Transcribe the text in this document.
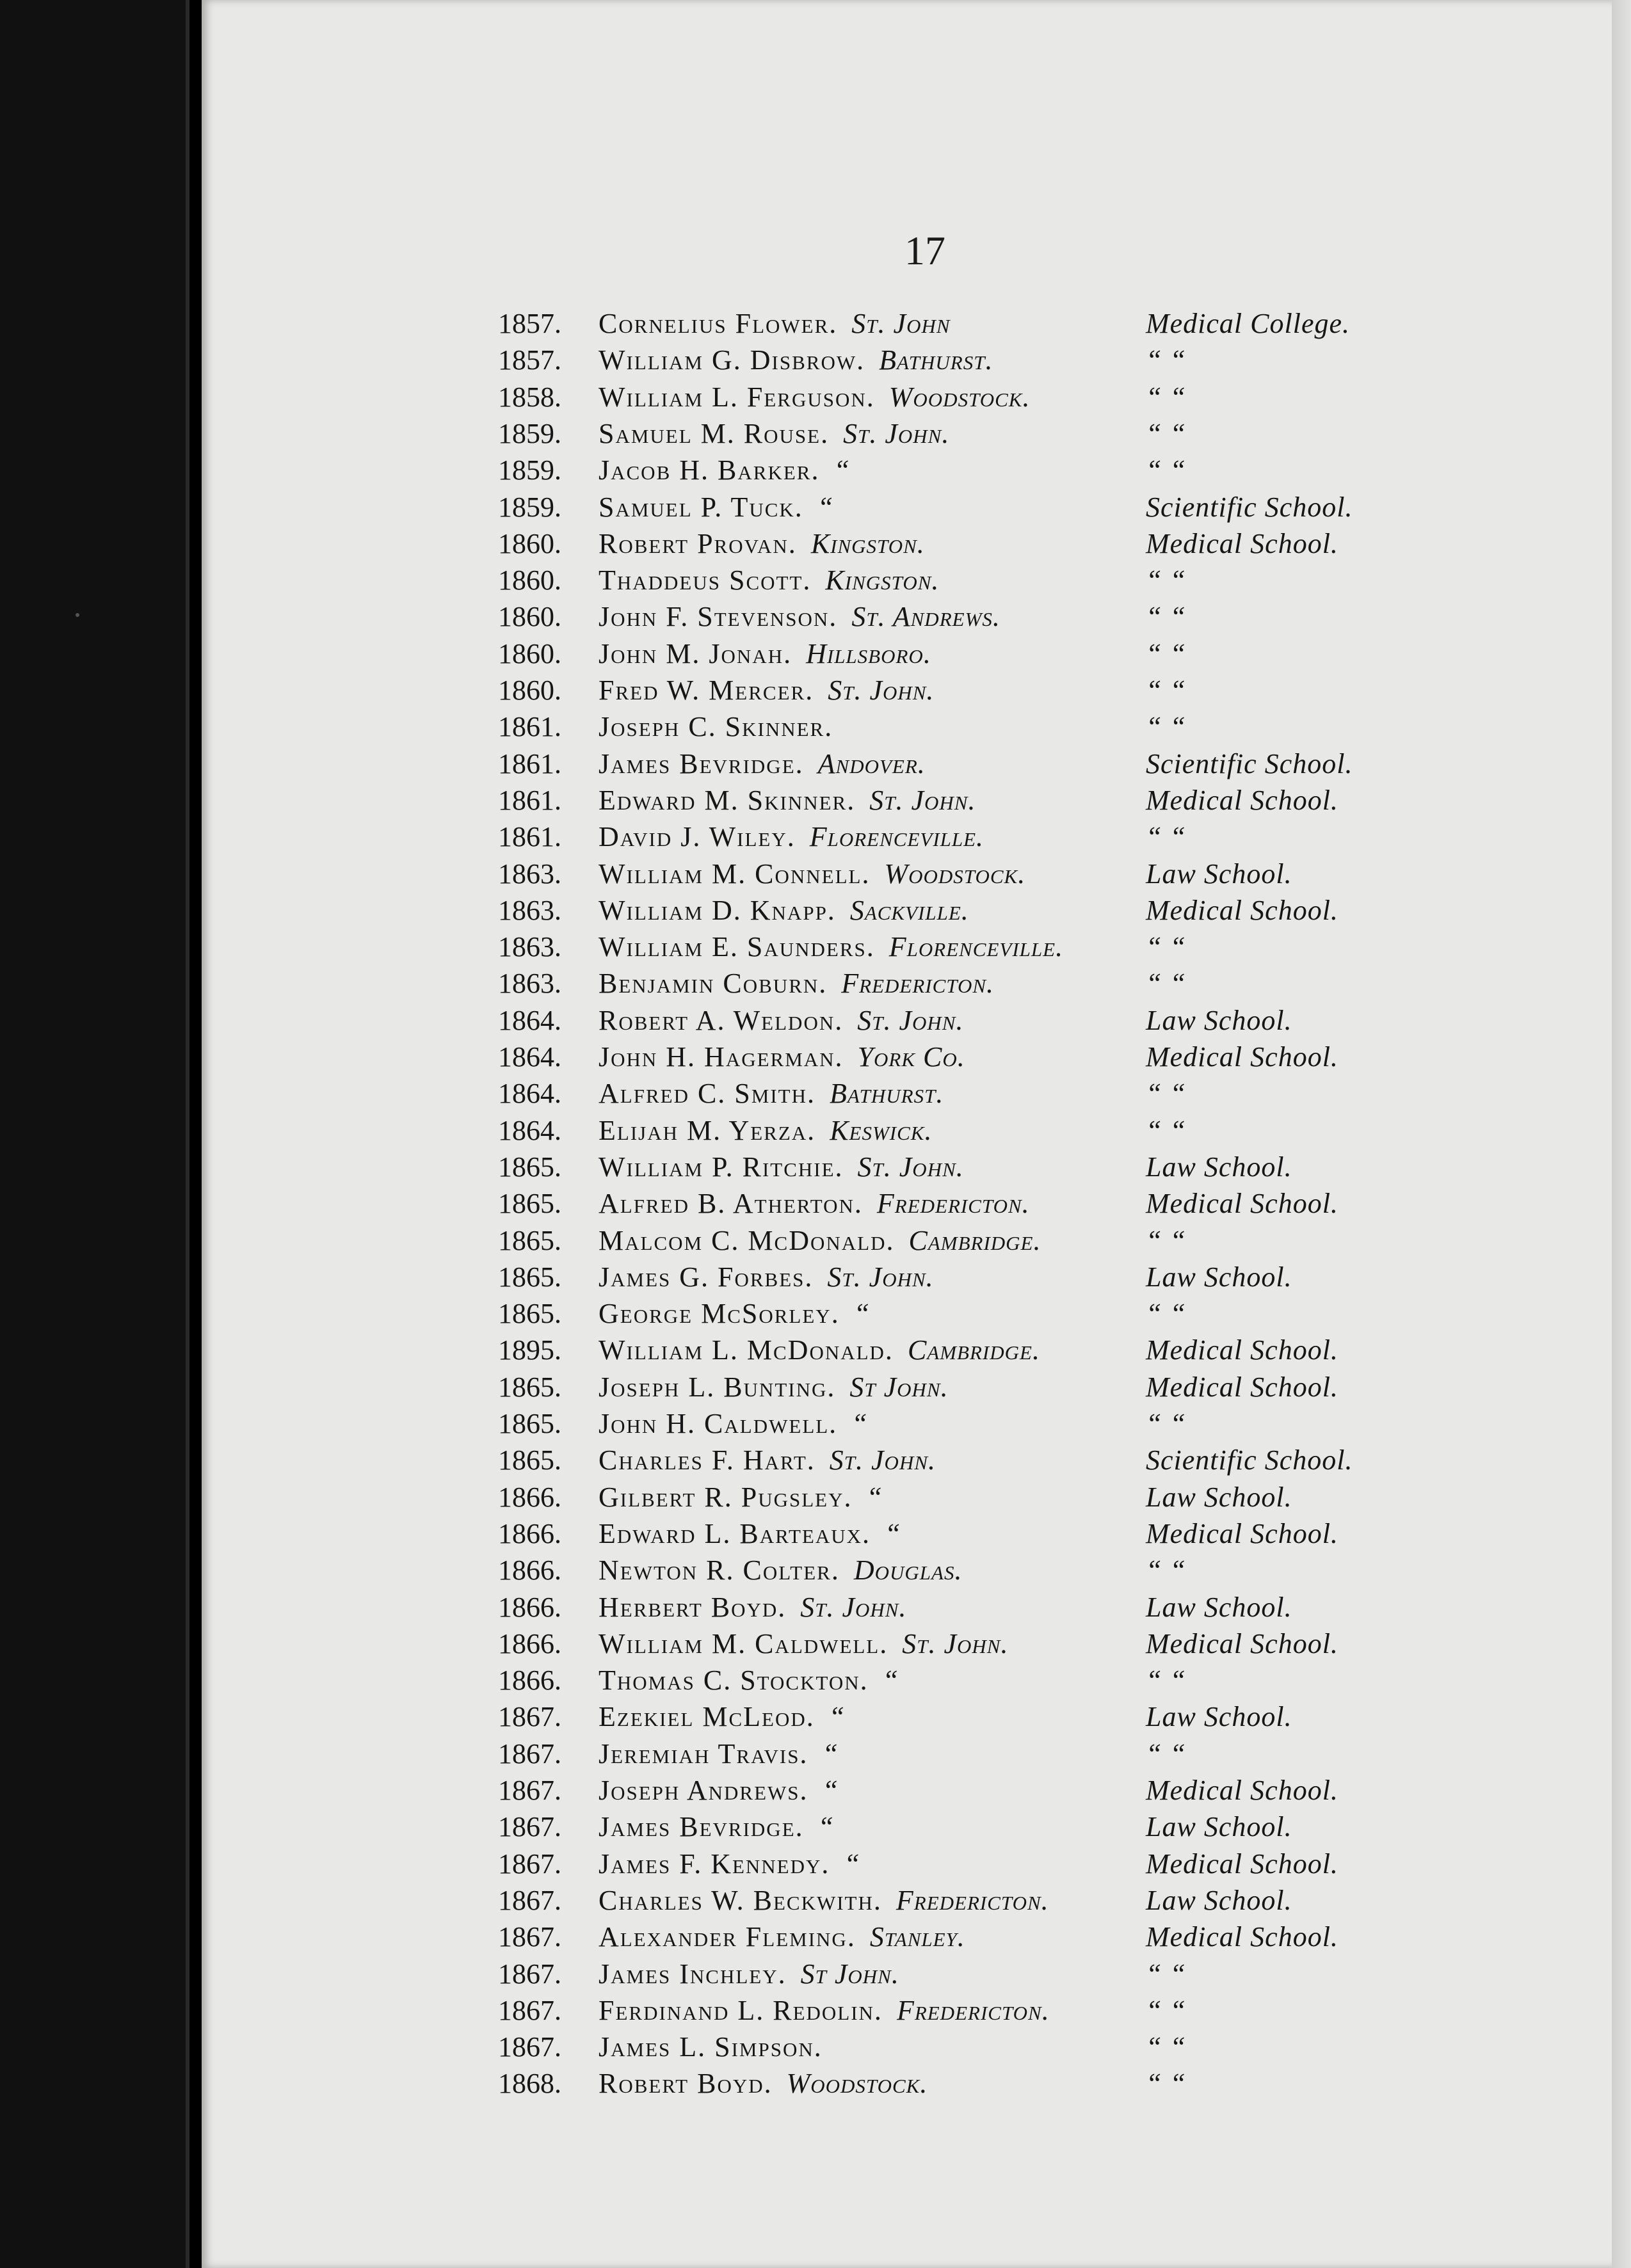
17
1857. Cornelius Flower. St. John	Medical College.
1857. William G. Disbrow. Bathurst.	“ “
1858. William L. Ferguson. Woodstock.	“ “
1859. Samuel M. Rouse. St. John.	“ “
1859. Jacob H. Barker. “	“ “
1859. Samuel P. Tuck. “	Scientific School.
1860. Robert Provan. Kingston.	Medical School.
1860. Thaddeus Scott. Kingston.	“ “
1860. John F. Stevenson. St. Andrews.	“ “
1860. John M. Jonah. Hillsboro.	“ “
1860. Fred W. Mercer. St. John.	“ “
1861. Joseph C. Skinner.	“ “
1861. James Bevridge. Andover.	Scientific School.
1861. Edward M. Skinner. St. John.	Medical School.
1861. David J. Wiley. Florenceville.	“ “
1863. William M. Connell. Woodstock.	Law School.
1863. William D. Knapp. Sackville.	Medical School.
1863. William E. Saunders. Florenceville.	“ “
1863. Benjamin Coburn. Fredericton.	“ “
1864. Robert A. Weldon. St. John.	Law School.
1864. John H. Hagerman. York Co.	Medical School.
1864. Alfred C. Smith. Bathurst.	“ “
1864. Elijah M. Yerza. Keswick.	“ “
1865. William P. Ritchie. St. John.	Law School.
1865. Alfred B. Atherton. Fredericton.	Medical School.
1865. Malcom C. McDonald. Cambridge.	“ “
1865. James G. Forbes. St. John.	Law School.
1865. George McSorley. “	“ “
1895. William L. McDonald. Cambridge.	Medical School.
1865. Joseph L. Bunting. St John.	Medical School.
1865. John H. Caldwell. “	“ “
1865. Charles F. Hart. St. John.	Scientific School.
1866. Gilbert R. Pugsley. “	Law School.
1866. Edward L. Barteaux. “	Medical School.
1866. Newton R. Colter. Douglas.	“ “
1866. Herbert Boyd. St. John.	Law School.
1866. William M. Caldwell. St. John.	Medical School.
1866. Thomas C. Stockton. “	“ “
1867. Ezekiel McLeod. “	Law School.
1867. Jeremiah Travis. “	“ “
1867. Joseph Andrews. “	Medical School.
1867. James Bevridge. “	Law School.
1867. James F. Kennedy. “	Medical School.
1867. Charles W. Beckwith. Fredericton.	Law School.
1867. Alexander Fleming. Stanley.	Medical School.
1867. James Inchley. St John.	“ “
1867. Ferdinand L. Redolin. Fredericton.	“ “
1867. James L. Simpson.	“ “
1868. Robert Boyd. Woodstock.	“ “
